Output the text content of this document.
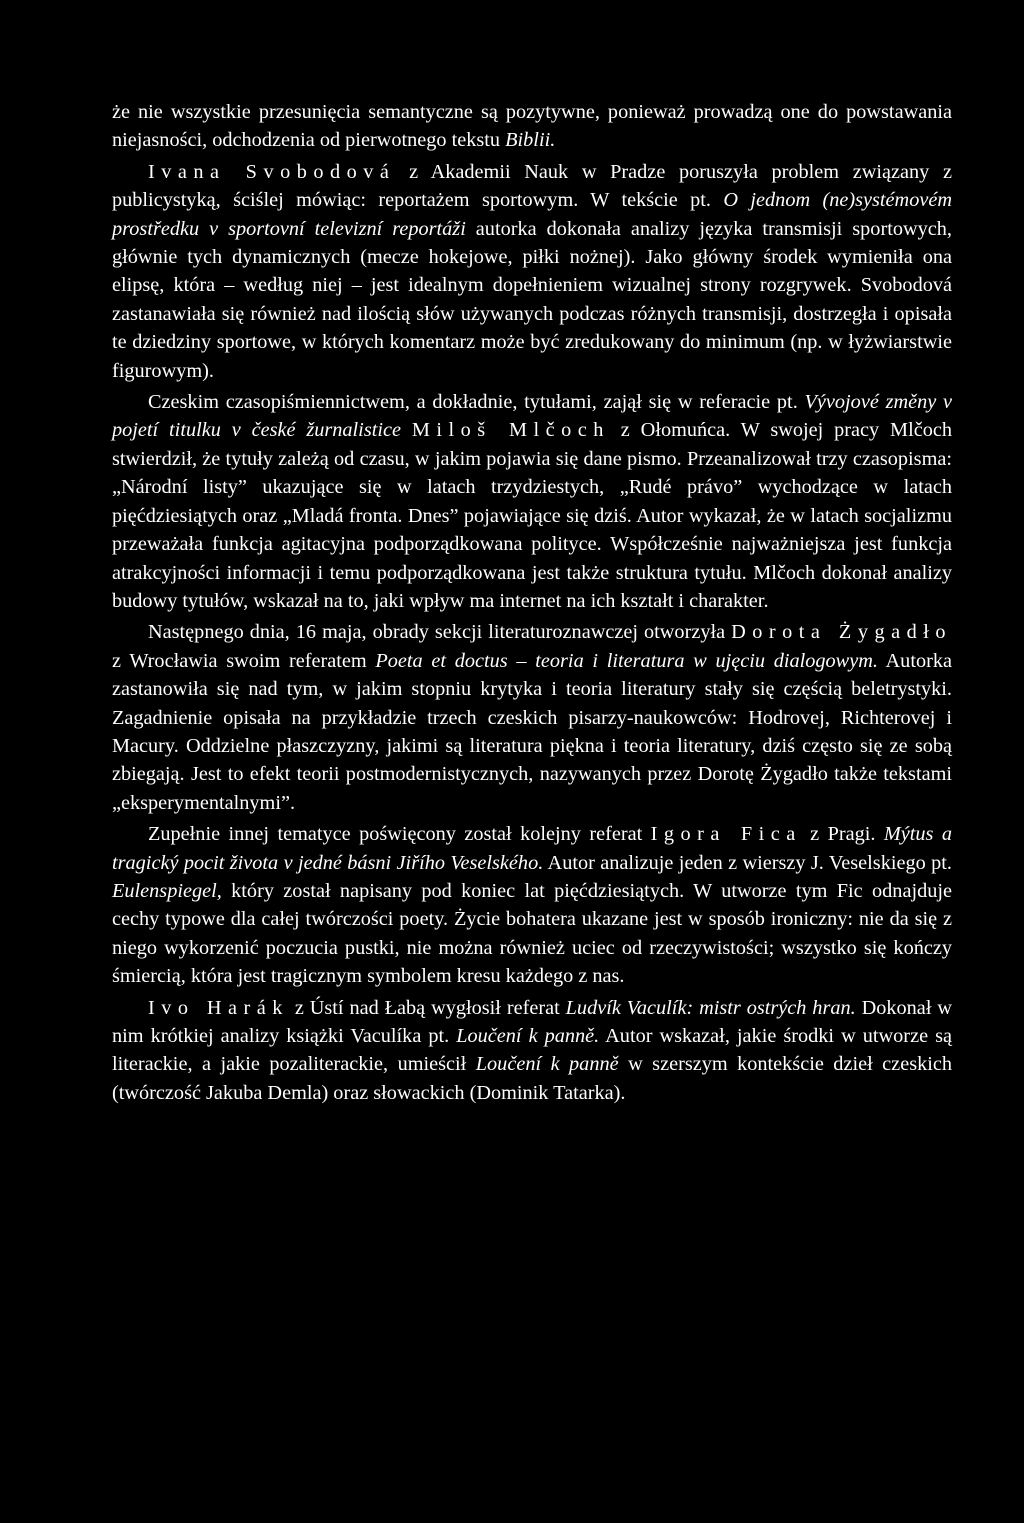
że nie wszystkie przesunięcia semantyczne są pozytywne, ponieważ prowadzą one do powstawania niejasności, odchodzenia od pierwotnego tekstu Biblii.

Ivana Svobodová z Akademii Nauk w Pradze poruszyła problem związany z publicystyką, ściślej mówiąc: reportażem sportowym. W tekście pt. O jednom (ne)systémovém prostředku v sportovní televizní reportáži autorka dokonała analizy języka transmisji sportowych, głównie tych dynamicznych (mecze hokejowe, piłki nożnej). Jako główny środek wymieniła ona elipsę, która – według niej – jest idealnym dopełnieniem wizualnej strony rozgrywek. Svobodová zastanawiała się również nad ilością słów używanych podczas różnych transmisji, dostrzegła i opisała te dziedziny sportowe, w których komentarz może być zredukowany do minimum (np. w łyżwiarstwie figurowym).

Czeskim czasopiśmiennictwem, a dokładnie, tytułami, zajął się w referacie pt. Vývojové změny v pojetí titulku v české žurnalistice Miloš Mlčoch z Ołomuńca. W swojej pracy Mlčoch stwierdził, że tytuły zależą od czasu, w jakim pojawia się dane pismo. Przeanalizował trzy czasopisma: „Národní listy” ukazujące się w latach trzydziestych, „Rudé právo” wychodzące w latach pięćdziesiątych oraz „Mladá fronta. Dnes” pojawiające się dziś. Autor wykazał, że w latach socjalizmu przeważała funkcja agitacyjna podporządkowana polityce. Współcześnie najważniejsza jest funkcja atrakcyjności informacji i temu podporządkowana jest także struktura tytułu. Mlčoch dokonał analizy budowy tytułów, wskazał na to, jaki wpływ ma internet na ich kształt i charakter.

Następnego dnia, 16 maja, obrady sekcji literaturoznawczej otworzyła Dorota Żygadło z Wrocławia swoim referatem Poeta et doctus – teoria i literatura w ujęciu dialogowym. Autorka zastanowiła się nad tym, w jakim stopniu krytyka i teoria literatury stały się częścią beletrystyki. Zagadnienie opisała na przykładzie trzech czeskich pisarzy-naukowców: Hodrovej, Richterovej i Macury. Oddzielne płaszczyzny, jakimi są literatura piękna i teoria literatury, dziś często się ze sobą zbiegają. Jest to efekt teorii postmodernistycznych, nazywanych przez Dorotę Żygadło także tekstami „eksperymentalnymi”.

Zupełnie innej tematyce poświęcony został kolejny referat Igora Fica z Pragi. Mýtus a tragický pocit života v jedné básni Jiřího Veselského. Autor analizuje jeden z wierszy J. Veselskiego pt. Eulenspiegel, który został napisany pod koniec lat pięćdziesiątych. W utworze tym Fic odnajduje cechy typowe dla całej twórczości poety. Życie bohatera ukazane jest w sposób ironiczny: nie da się z niego wykorzenić poczucia pustki, nie można również uciec od rzeczywistości; wszystko się kończy śmiercią, która jest tragicznym symbolem kresu każdego z nas.

Ivo Harák z Ústí nad Łabą wygłosił referat Ludvík Vaculík: mistr ostrých hran. Dokonał w nim krótkiej analizy książki Vaculíka pt. Loučení k panně. Autor wskazał, jakie środki w utworze są literackie, a jakie pozaliterackie, umieścił Loučení k panně w szerszym kontekście dzieł czeskich (twórczość Jakuba Demla) oraz słowackich (Dominik Tatarka).
